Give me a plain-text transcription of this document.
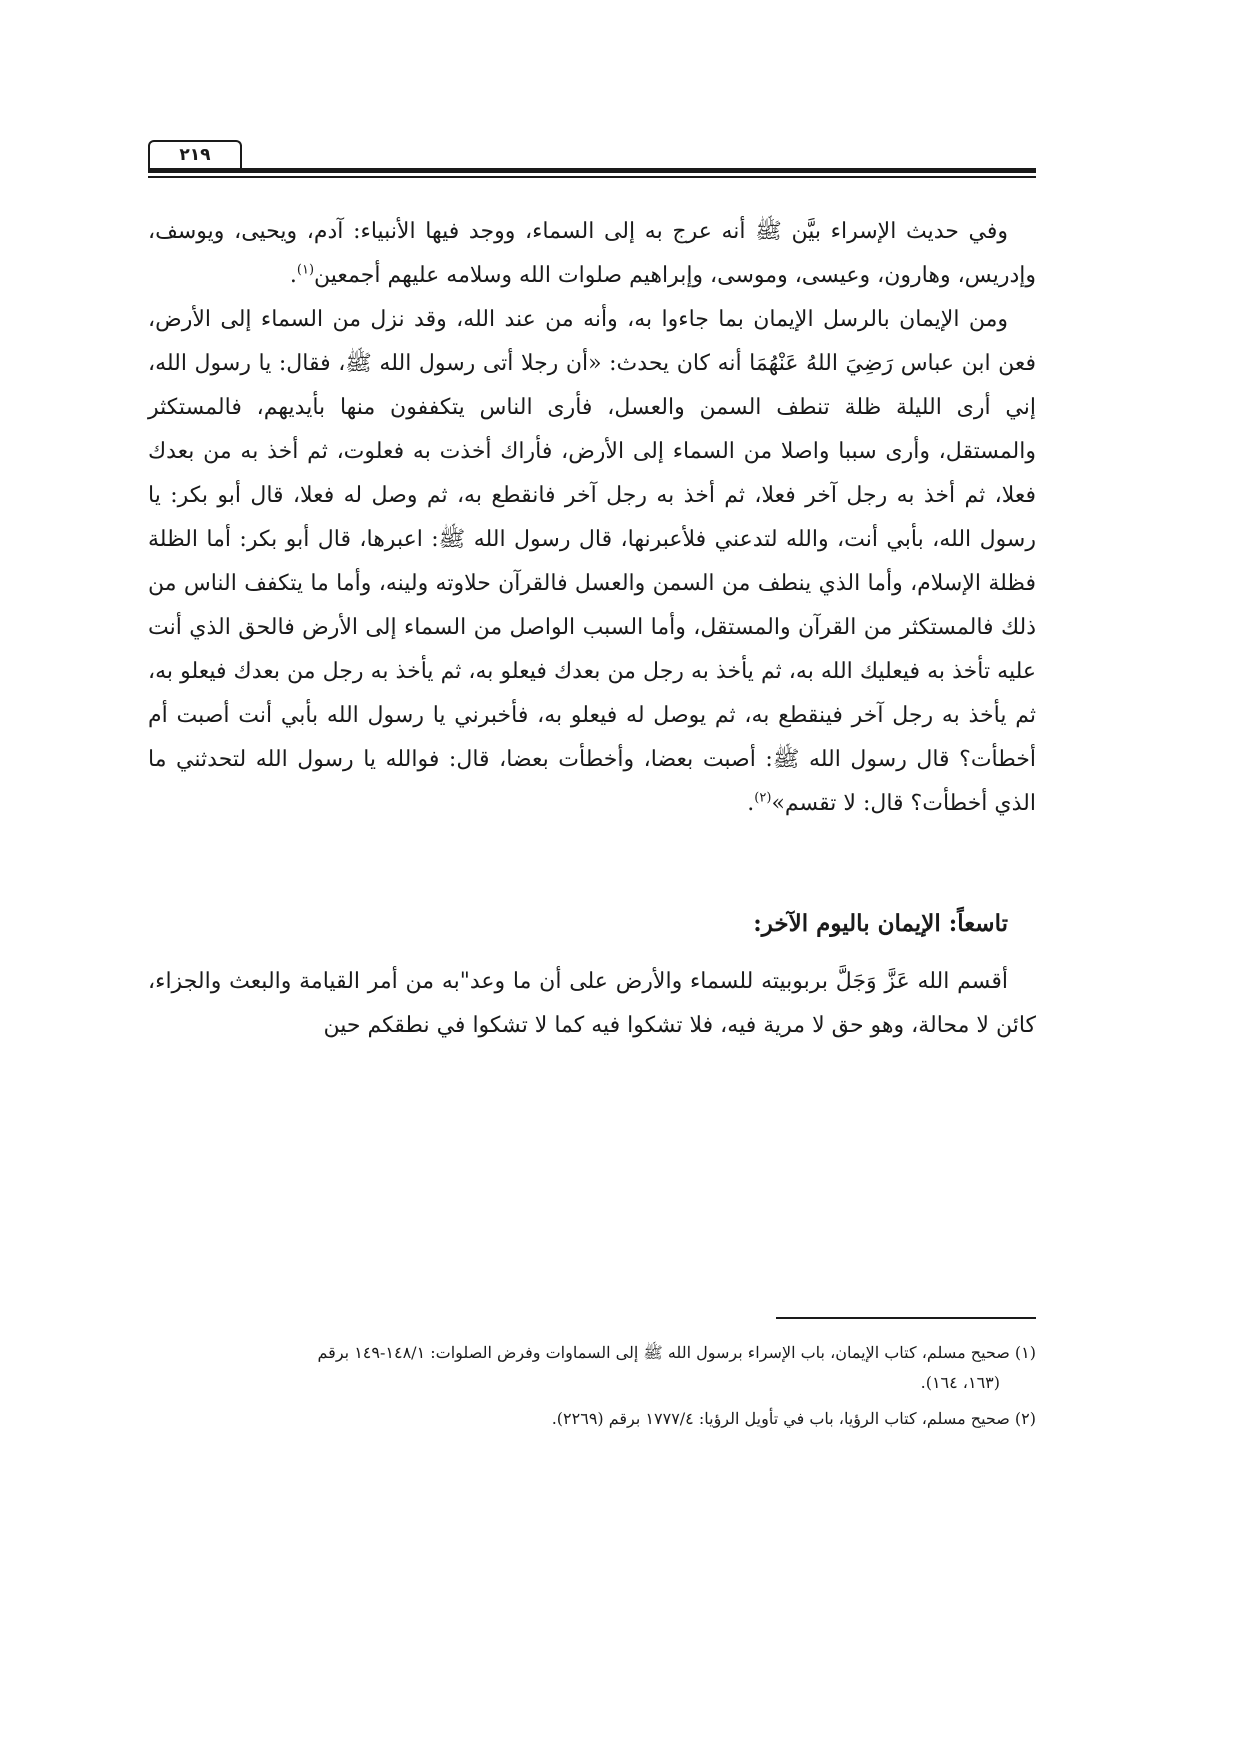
٢١٩

وفي حديث الإسراء بيَّن ﷺ أنه عرج به إلى السماء، ووجد فيها الأنبياء: آدم، ويحيى، ويوسف، وإدريس، وهارون، وعيسى، وموسى، وإبراهيم صلوات الله وسلامه عليهم أجمعين$^{(١)}$.

ومن الإيمان بالرسل الإيمان بما جاءوا به، وأنه من عند الله، وقد نزل من السماء إلى الأرض، فعن ابن عباس رَضِيَ اللهُ عَنْهُمَا أنه كان يحدث: «أن رجلا أتى رسول الله ﷺ، فقال: يا رسول الله، إني أرى الليلة ظلة تنطف السمن والعسل، فأرى الناس يتكففون منها بأيديهم، فالمستكثر والمستقل، وأرى سببا واصلا من السماء إلى الأرض، فأراك أخذت به فعلوت، ثم أخذ به من بعدك فعلا، ثم أخذ به رجل آخر فعلا، ثم أخذ به رجل آخر فانقطع به، ثم وصل له فعلا، قال أبو بكر: يا رسول الله، بأبي أنت، والله لتدعني فلأعبرنها، قال رسول الله ﷺ: اعبرها، قال أبو بكر: أما الظلة فظلة الإسلام، وأما الذي ينطف من السمن والعسل فالقرآن حلاوته ولينه، وأما ما يتكفف الناس من ذلك فالمستكثر من القرآن والمستقل، وأما السبب الواصل من السماء إلى الأرض فالحق الذي أنت عليه تأخذ به فيعليك الله به، ثم يأخذ به رجل من بعدك فيعلو به، ثم يأخذ به رجل من بعدك فيعلو به، ثم يأخذ به رجل آخر فينقطع به، ثم يوصل له فيعلو به، فأخبرني يا رسول الله بأبي أنت أصبت أم أخطأت؟ قال رسول الله ﷺ: أصبت بعضا، وأخطأت بعضا، قال: فوالله يا رسول الله لتحدثني ما الذي أخطأت؟ قال: لا تقسم»$^{(٢)}$.

تاسعاً: الإيمان باليوم الآخر:

أقسم الله عَزَّ وَجَلَّ بربوبيته للسماء والأرض على أن ما وعد"به من أمر القيامة والبعث والجزاء، كائن لا محالة، وهو حق لا مرية فيه، فلا تشكوا فيه كما لا تشكوا في نطقكم حين

(١) صحيح مسلم، كتاب الإيمان، باب الإسراء برسول الله ﷺ إلى السماوات وفرض الصلوات: ١٤٨/١-١٤٩ برقم

(١٦٣، ١٦٤).

(٢) صحيح مسلم، كتاب الرؤيا، باب في تأويل الرؤيا: ١٧٧٧/٤ برقم (٢٢٦٩).
